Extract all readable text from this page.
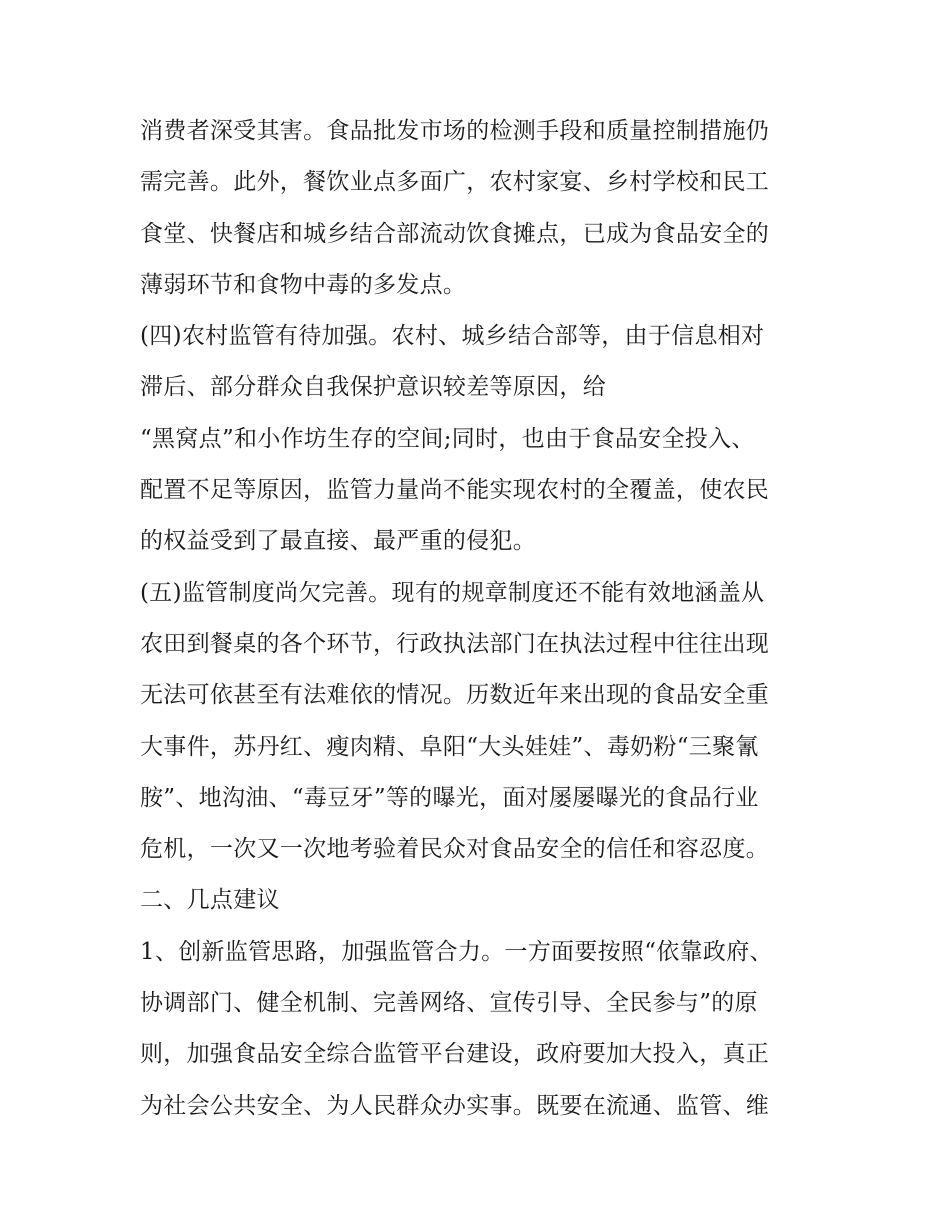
消费者深受其害。食品批发市场的检测手段和质量控制措施仍
需完善。此外，餐饮业点多面广，农村家宴、乡村学校和民工
食堂、快餐店和城乡结合部流动饮食摊点，已成为食品安全的
薄弱环节和食物中毒的多发点。
(四)农村监管有待加强。农村、城乡结合部等，由于信息相对
滞后、部分群众自我保护意识较差等原因，给
“黑窝点”和小作坊生存的空间;同时，也由于食品安全投入、
配置不足等原因，监管力量尚不能实现农村的全覆盖，使农民
的权益受到了最直接、最严重的侵犯。
(五)监管制度尚欠完善。现有的规章制度还不能有效地涵盖从
农田到餐桌的各个环节，行政执法部门在执法过程中往往出现
无法可依甚至有法难依的情况。历数近年来出现的食品安全重
大事件，苏丹红、瘦肉精、阜阳“大头娃娃”、毒奶粉“三聚氰
胺”、地沟油、“毒豆牙”等的曝光，面对屡屡曝光的食品行业
危机，一次又一次地考验着民众对食品安全的信任和容忍度。
二、几点建议
1、创新监管思路，加强监管合力。一方面要按照“依靠政府、
协调部门、健全机制、完善网络、宣传引导、全民参与”的原
则，加强食品安全综合监管平台建设，政府要加大投入，真正
为社会公共安全、为人民群众办实事。既要在流通、监管、维
